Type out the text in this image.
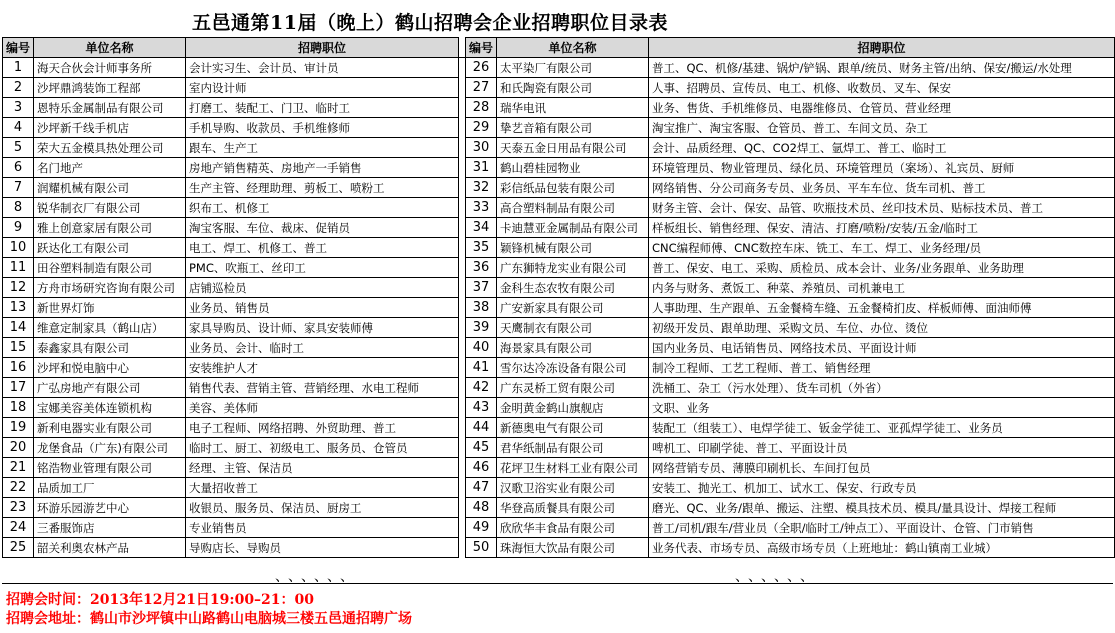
五邑通第11届（晚上）鹤山招聘会企业招聘职位目录表
编号	单位名称	招聘职位		编号	单位名称	招聘职位
1	海天合伙会计师事务所	会计实习生、会计员、审计员		26	太平染厂有限公司	普工、QC、机修/基建、锅炉/铲锅、跟单/统员、财务主管/出纳、保安/搬运/水处理
2	沙坪鼎鸿装饰工程部	室内设计师		27	和氏陶瓷有限公司	人事、招聘员、宣传员、电工、机修、收数员、叉车、保安
3	恩特乐金属制品有限公司	打磨工、装配工、门卫、临时工		28	瑞华电讯	业务、售货、手机维修员、电器维修员、仓管员、营业经理
4	沙坪新千线手机店	手机导购、收款员、手机维修师		29	挚艺音箱有限公司	淘宝推广、淘宝客服、仓管员、普工、车间文员、杂工
5	荣大五金模具热处理公司	跟车、生产工		30	天泰五金日用品有限公司	会计、品质经理、QC、CO2焊工、氩焊工、普工、临时工
6	名门地产	房地产销售精英、房地产一手销售		31	鹤山碧桂园物业	环境管理员、物业管理员、绿化员、环境管理员（案场）、礼宾员、厨师
7	润耀机械有限公司	生产主管、经理助理、剪板工、喷粉工		32	彩信纸品包装有限公司	网络销售、分公司商务专员、业务员、平车车位、货车司机、普工
8	锐华制衣厂有限公司	织布工、机修工		33	高合塑料制品有限公司	财务主管、会计、保安、品管、吹瓶技术员、丝印技术员、贴标技术员、普工
9	雅上创意家居有限公司	淘宝客服、车位、裁床、促销员		34	卡迪慧亚金属制品有限公司	样板组长、销售经理、保安、清洁、打磨/喷粉/安装/五金/临时工
10	跃达化工有限公司	电工、焊工、机修工、普工		35	颖锋机械有限公司	CNC编程师傅、CNC数控车床、铣工、车工、焊工、业务经理/员
11	田谷塑料制造有限公司	PMC、吹瓶工、丝印工		36	广东狮特龙实业有限公司	普工、保安、电工、采购、质检员、成本会计、业务/业务跟单、业务助理
12	方舟市场研究咨询有限公司	店铺巡检员		37	金科生态农牧有限公司	内务与财务、煮饭工、种菜、养殖员、司机兼电工
13	新世界灯饰	业务员、销售员		38	广安新家具有限公司	人事助理、生产跟单、五金餐椅车缝、五金餐椅扪皮、样板师傅、面油师傅
14	维意定制家具（鹤山店）	家具导购员、设计师、家具安装师傅		39	天鹰制衣有限公司	初级开发员、跟单助理、采购文员、车位、办位、烫位
15	泰鑫家具有限公司	业务员、会计、临时工		40	海景家具有限公司	国内业务员、电话销售员、网络技术员、平面设计师
16	沙坪和悦电脑中心	安装维护人才		41	雪尔达冷冻设备有限公司	制冷工程师、工艺工程师、普工、销售经理
17	广弘房地产有限公司	销售代表、营销主管、营销经理、水电工程师		42	广东灵桥工贸有限公司	洗桶工、杂工（污水处理）、货车司机（外省）
18	宝娜美容美体连锁机构	美容、美体师		43	金明黄金鹤山旗舰店	文职、业务
19	新利电器实业有限公司	电子工程师、网络招聘、外贸助理、普工		44	新德奥电气有限公司	装配工（组装工）、电焊学徒工、钣金学徒工、亚孤焊学徒工、业务员
20	龙堡食品（广东)有限公司	临时工、厨工、初级电工、服务员、仓管员		45	君华纸制品有限公司	啤机工、印刷学徒、普工、平面设计员
21	铭浩物业管理有限公司	经理、主管、保洁员		46	花坪卫生材料工业有限公司	网络营销专员、薄膜印刷机长、车间打包员
22	品质加工厂	大量招收普工		47	汉歌卫浴实业有限公司	安装工、抛光工、机加工、试水工、保安、行政专员
23	环游乐园游艺中心	收银员、服务员、保洁员、厨房工		48	华登高质餐具有限公司	磨光、QC、业务/跟单、搬运、注塑、模具技术员、模具/量具设计、焊接工程师
24	三番服饰店	专业销售员		49	欣欣华丰食品有限公司	普工/司机/跟车/营业员（全职/临时工/钟点工）、平面设计、仓管、门市销售
25	韶关利奥农林产品	导购店长、导购员		50	珠海恒大饮品有限公司	业务代表、市场专员、高级市场专员（上班地址：鹤山镇南工业城）
、、、、、、	、、、、、、
招聘会时间：2013年12月21日19:00–21：00
招聘会地址：鹤山市沙坪镇中山路鹤山电脑城三楼五邑通招聘广场
